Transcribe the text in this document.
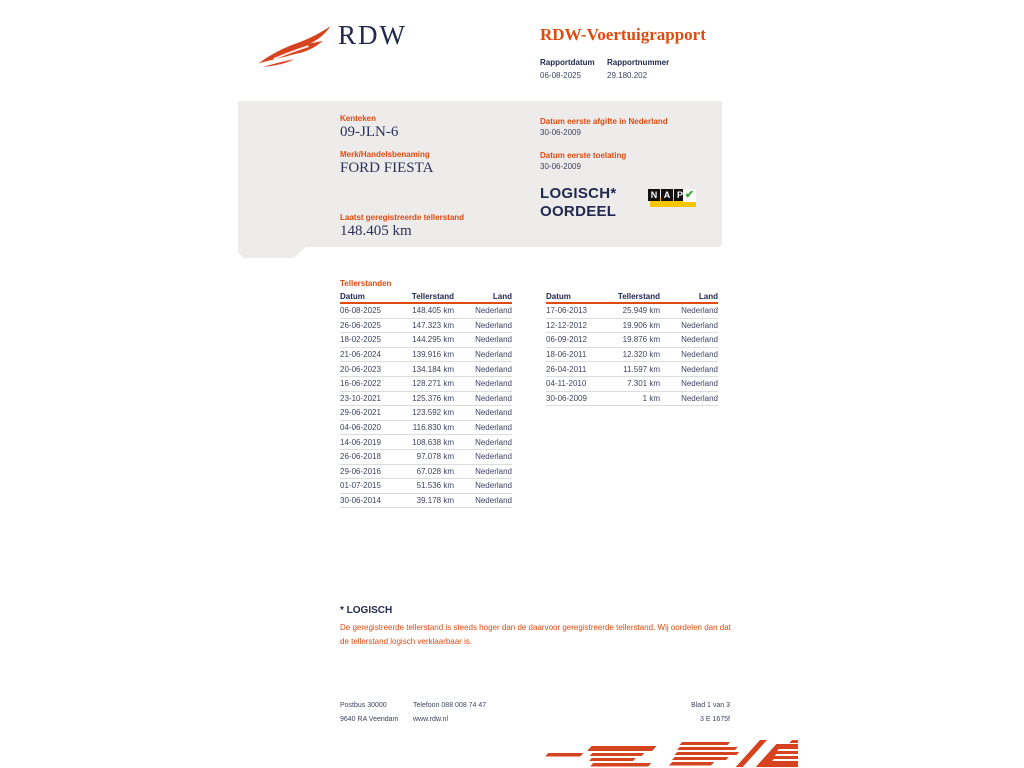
RDW	RDW-Voertuigrapport
Rapportdatum
06-08-2025
Rapportnummer
29.180.202
Kenteken
09-JLN-6
Merk/Handelsbenaming
FORD FIESTA
Laatst geregistreerde tellerstand
148.405 km
Datum eerste afgifte in Nederland
30-06-2009
Datum eerste toelating
30-06-2009
LOGISCH*
OORDEEL
N A P ✔
Tellerstanden
Datum	Tellerstand	Land
06-08-2025	148.405 km	Nederland
26-06-2025	147.323 km	Nederland
18-02-2025	144.295 km	Nederland
21-06-2024	139.916 km	Nederland
20-06-2023	134.184 km	Nederland
16-06-2022	128.271 km	Nederland
23-10-2021	125.376 km	Nederland
29-06-2021	123.592 km	Nederland
04-06-2020	116.830 km	Nederland
14-06-2019	108.638 km	Nederland
26-06-2018	97.078 km	Nederland
29-06-2016	67.028 km	Nederland
01-07-2015	51.536 km	Nederland
30-06-2014	39.178 km	Nederland
Datum	Tellerstand	Land
17-06-2013	25.949 km	Nederland
12-12-2012	19.906 km	Nederland
06-09-2012	19.876 km	Nederland
18-06-2011	12.320 km	Nederland
26-04-2011	11.597 km	Nederland
04-11-2010	7.301 km	Nederland
30-06-2009	1 km	Nederland
* LOGISCH
De geregistreerde tellerstand is steeds hoger dan de daarvoor geregistreerde tellerstand. Wij oordelen dan dat de tellerstand logisch verklaarbaar is.
Postbus 30000
9640 RA Veendam
Telefoon 088 008 74 47
www.rdw.nl
Blad 1 van 3
3 E 1675f
